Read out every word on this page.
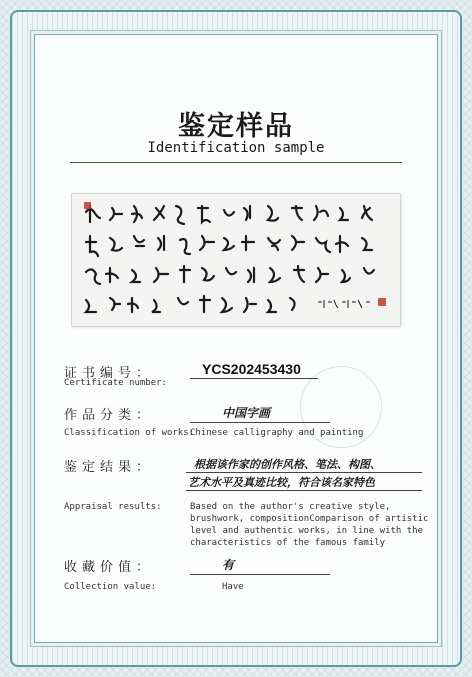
鉴定样品
Identification sample
证书编号：
Certificate number:
YCS202453430
作品分类：	中国字画
Classification of works:
Chinese calligraphy and painting
鉴定结果：	根据该作家的创作风格、笔法、构图、
艺术水平及真迹比较，符合该名家特色
Appraisal results:	Based on the author's creative style,
brushwork, compositionComparison of artistic
level and authentic works, in line with the
characteristics of the famous family
收藏价值：	有
Collection value:	Have
